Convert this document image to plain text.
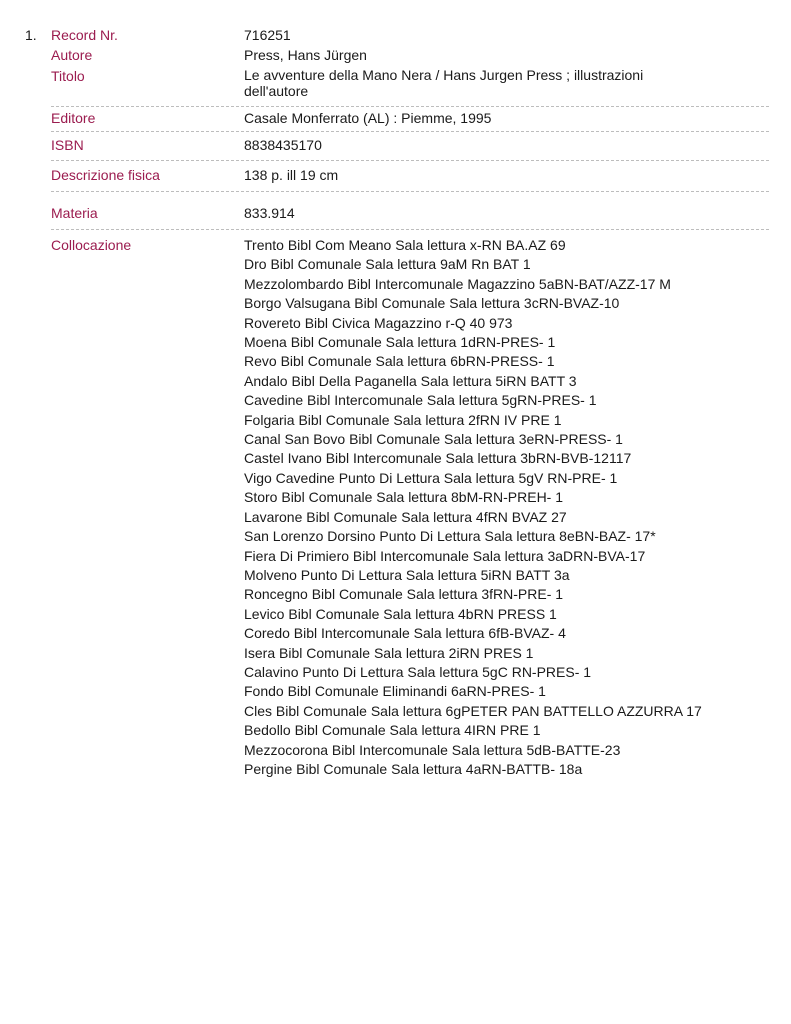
1. Record Nr.	716251
Autore	Press, Hans Jürgen
Titolo	Le avventure della Mano Nera / Hans Jurgen Press ; illustrazioni dell'autore
Editore	Casale Monferrato (AL) : Piemme, 1995
ISBN	8838435170
Descrizione fisica	138 p. ill 19 cm
Materia	833.914
Collocazione	Trento Bibl Com Meano Sala lettura x-RN BA.AZ 69
Dro Bibl Comunale Sala lettura 9aM Rn BAT 1
Mezzolombardo Bibl Intercomunale Magazzino 5aBN-BAT/AZZ-17 M
Borgo Valsugana Bibl Comunale Sala lettura 3cRN-BVAZ-10
Rovereto Bibl Civica Magazzino r-Q 40 973
Moena Bibl Comunale Sala lettura 1dRN-PRES- 1
Revo Bibl Comunale Sala lettura 6bRN-PRESS- 1
Andalo Bibl Della Paganella Sala lettura 5iRN BATT 3
Cavedine Bibl Intercomunale Sala lettura 5gRN-PRES- 1
Folgaria Bibl Comunale Sala lettura 2fRN IV PRE 1
Canal San Bovo Bibl Comunale Sala lettura 3eRN-PRESS- 1
Castel Ivano Bibl Intercomunale Sala lettura 3bRN-BVB-12117
Vigo Cavedine Punto Di Lettura Sala lettura 5gV RN-PRE- 1
Storo Bibl Comunale Sala lettura 8bM-RN-PREH- 1
Lavarone Bibl Comunale Sala lettura 4fRN BVAZ 27
San Lorenzo Dorsino Punto Di Lettura Sala lettura 8eBN-BAZ- 17*
Fiera Di Primiero Bibl Intercomunale Sala lettura 3aDRN-BVA-17
Molveno Punto Di Lettura Sala lettura 5iRN BATT 3a
Roncegno Bibl Comunale Sala lettura 3fRN-PRE- 1
Levico Bibl Comunale Sala lettura 4bRN PRESS 1
Coredo Bibl Intercomunale Sala lettura 6fB-BVAZ- 4
Isera Bibl Comunale Sala lettura 2iRN PRES 1
Calavino Punto Di Lettura Sala lettura 5gC RN-PRES- 1
Fondo Bibl Comunale Eliminandi 6aRN-PRES- 1
Cles Bibl Comunale Sala lettura 6gPETER PAN BATTELLO AZZURRA 17
Bedollo Bibl Comunale Sala lettura 4IRN PRE 1
Mezzocorona Bibl Intercomunale Sala lettura 5dB-BATTE-23
Pergine Bibl Comunale Sala lettura 4aRN-BATTB- 18a
